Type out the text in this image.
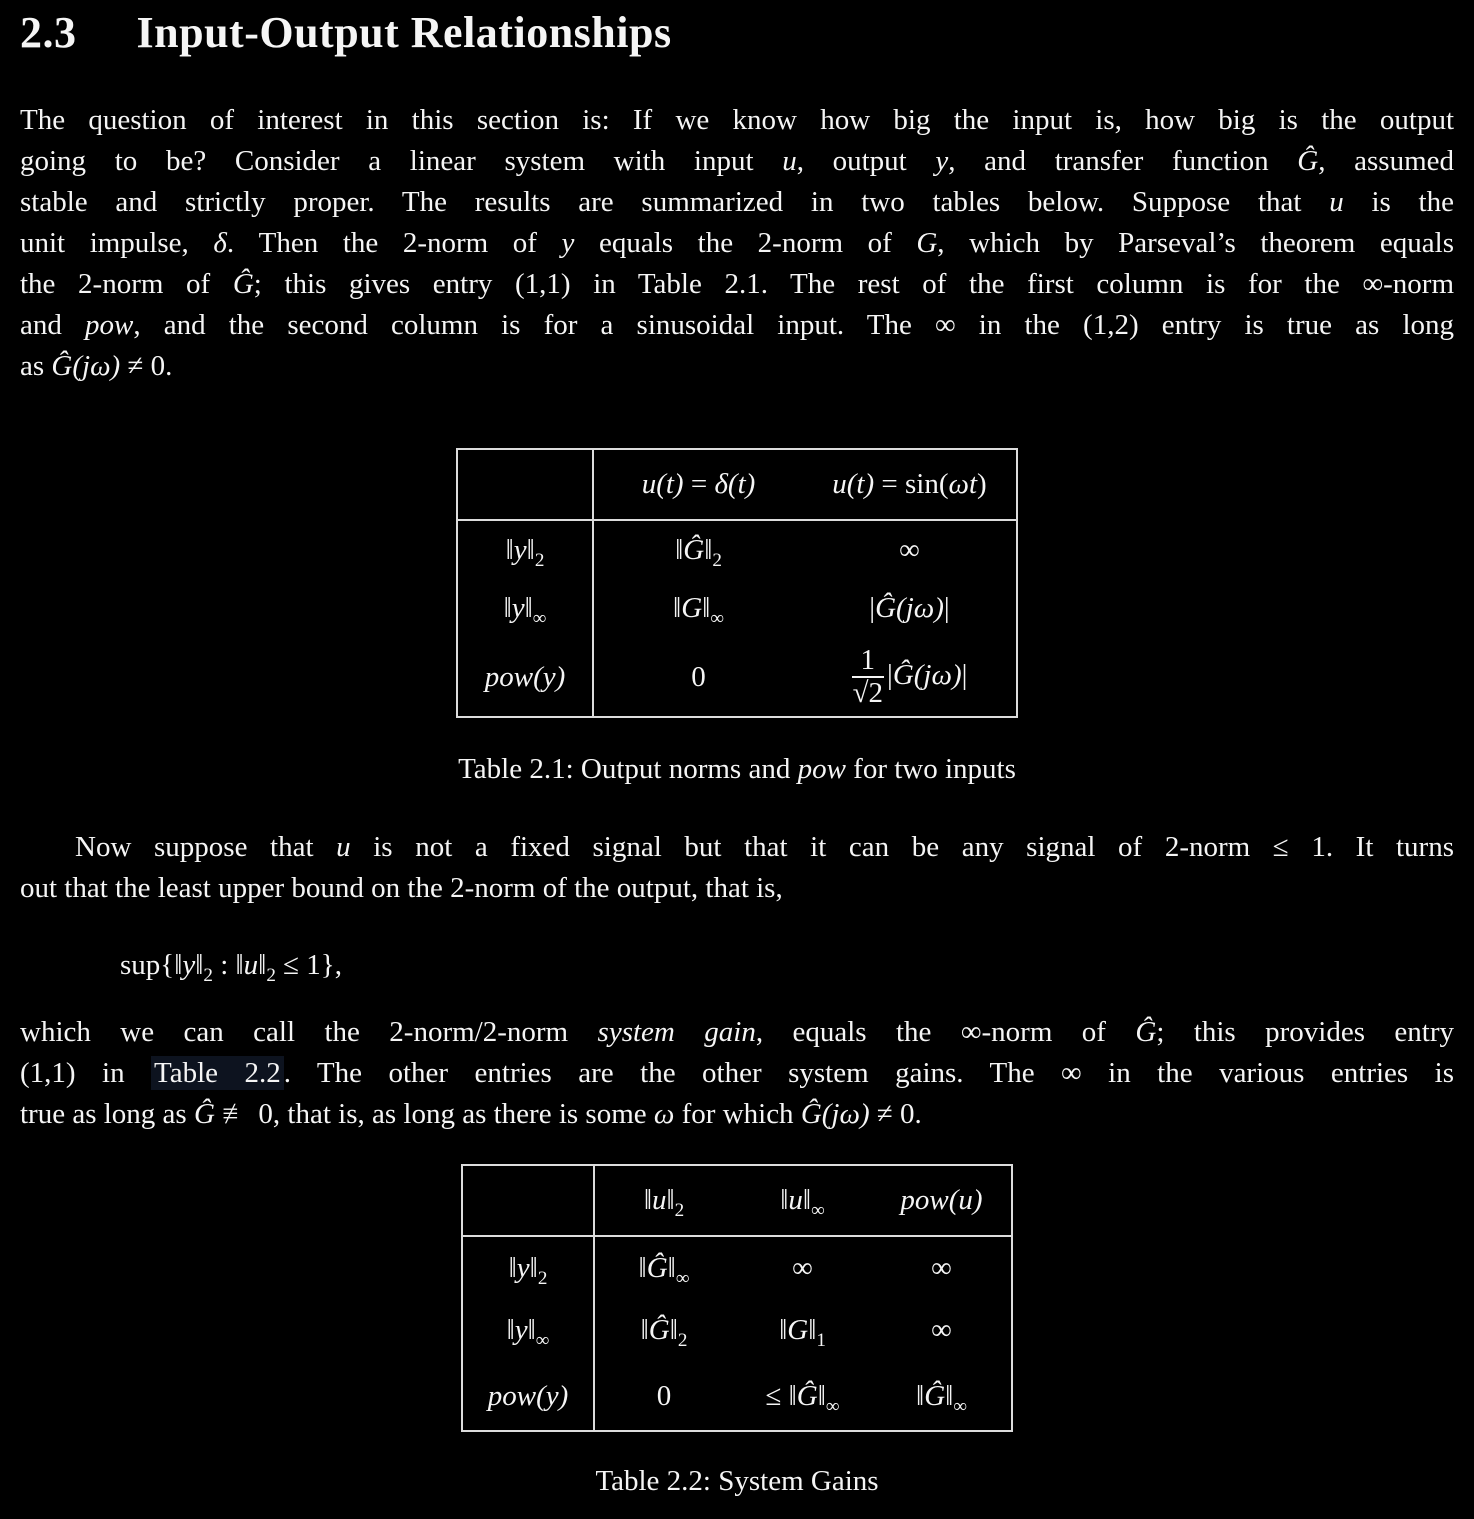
2.3 Input-Output Relationships
The question of interest in this section is: If we know how big the input is, how big is the output
going to be? Consider a linear system with input u, output y, and transfer function Ĝ, assumed
stable and strictly proper. The results are summarized in two tables below. Suppose that u is the
unit impulse, δ. Then the 2-norm of y equals the 2-norm of G, which by Parseval’s theorem equals
the 2-norm of Ĝ; this gives entry (1,1) in Table 2.1. The rest of the first column is for the ∞-norm
and pow, and the second column is for a sinusoidal input. The ∞ in the (1,2) entry is true as long
as Ĝ(jω) ≠ 0.
	u(t) = δ(t)	u(t) = sin(ωt)
$‖y‖_2$	$‖Ĝ‖_2$	∞
$‖y‖_\infty$	$‖G‖_\infty$	|Ĝ(jω)|
pow(y)	0	$\frac{1}{√2}$ |Ĝ(jω)|
Table 2.1: Output norms and pow for two inputs
Now suppose that u is not a fixed signal but that it can be any signal of 2-norm ≤ 1. It turns
out that the least upper bound on the 2-norm of the output, that is,
$sup\{‖y‖_2$ : $‖u‖_2 \le 1$},
which we can call the 2-norm/2-norm system gain, equals the ∞-norm of Ĝ; this provides entry
(1,1) in Table 2.2 . The other entries are the other system gains. The ∞ in the various entries is
true as long as Ĝ ≢ 0, that is, as long as there is some ω for which Ĝ(jω) ≠ 0.
	$‖u‖_2$	$‖u‖_\infty$	pow(u)
$‖y‖_2$	$‖Ĝ‖_\infty$	∞	∞
$‖y‖_\infty$	$‖Ĝ‖_2$	$‖G‖_1$	∞
pow(y)	0	≤ $‖Ĝ‖_\infty$	$‖Ĝ‖_\infty$
Table 2.2: System Gains
